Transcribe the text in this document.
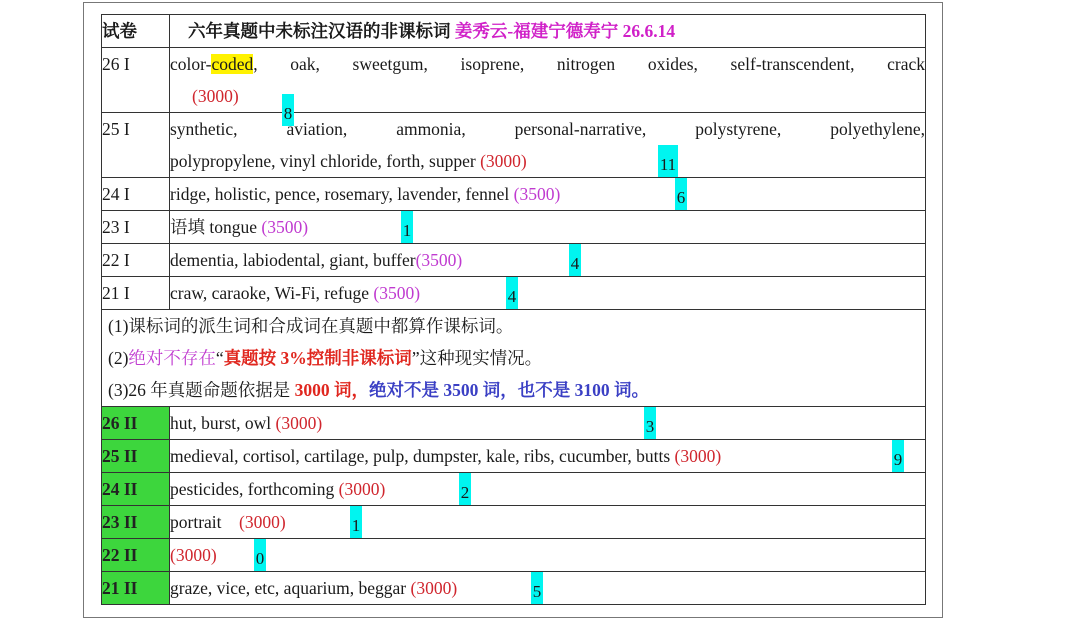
试卷	六年真题中未标注汉语的非课标词 姜秀云-福建宁德寿宁 26.6.14

26 I	color-coded, oak, sweetgum, isoprene, nitrogen oxides, self-transcendent, crack
(3000)
8

25 I	synthetic, aviation, ammonia, personal-narrative, polystyrene, polyethylene,
polypropylene, vinyl chloride, forth, supper (3000) 11

24 I	ridge, holistic, pence, rosemary, lavender, fennel (3500) 6

23 I	语填 tongue (3500) 1

22 I	dementia, labiodental, giant, buffer(3500) 4

21 I	craw, caraoke, Wi-Fi, refuge (3500) 4

(1)课标词的派生词和合成词在真题中都算作课标词。
(2)绝对不存在“真题按 3%控制非课标词”这种现实情况。
(3)26 年真题命题依据是 3000 词，绝对不是 3500 词，也不是 3100 词。	

26 II	hut, burst, owl (3000) 3

25 II	medieval, cortisol, cartilage, pulp, dumpster, kale, ribs, cucumber, butts (3000) 9

24 II	pesticides, forthcoming (3000) 2

23 II	portrait    (3000) 1

22 II	(3000) 0

21 II	graze, vice, etc, aquarium, beggar (3000) 5
